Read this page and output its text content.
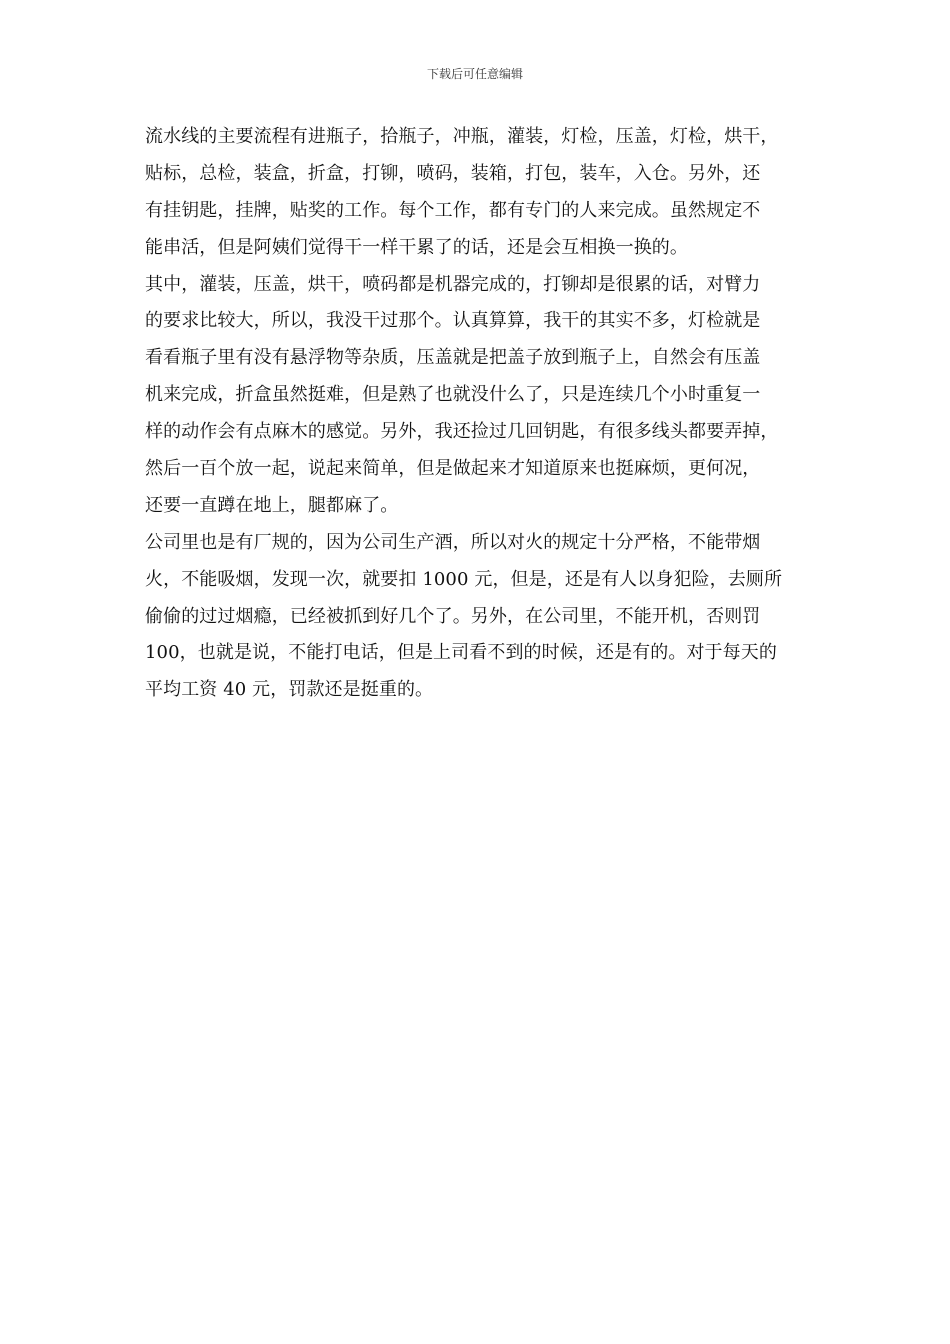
下载后可任意编辑
流水线的主要流程有进瓶子，拾瓶子，冲瓶，灌装，灯检，压盖，灯检，烘干，
贴标，总检，装盒，折盒，打铆，喷码，装箱，打包，装车，入仓。另外，还
有挂钥匙，挂牌，贴奖的工作。每个工作，都有专门的人来完成。虽然规定不
能串活，但是阿姨们觉得干一样干累了的话，还是会互相换一换的。
其中，灌装，压盖，烘干，喷码都是机器完成的，打铆却是很累的话，对臂力
的要求比较大，所以，我没干过那个。认真算算，我干的其实不多，灯检就是
看看瓶子里有没有悬浮物等杂质，压盖就是把盖子放到瓶子上，自然会有压盖
机来完成，折盒虽然挺难，但是熟了也就没什么了，只是连续几个小时重复一
样的动作会有点麻木的感觉。另外，我还捡过几回钥匙，有很多线头都要弄掉，
然后一百个放一起，说起来简单，但是做起来才知道原来也挺麻烦，更何况，
还要一直蹲在地上，腿都麻了。
公司里也是有厂规的，因为公司生产酒，所以对火的规定十分严格，不能带烟
火，不能吸烟，发现一次，就要扣 1000 元，但是，还是有人以身犯险，去厕所
偷偷的过过烟瘾，已经被抓到好几个了。另外，在公司里，不能开机，否则罚
100，也就是说，不能打电话，但是上司看不到的时候，还是有的。对于每天的
平均工资 40 元，罚款还是挺重的。
